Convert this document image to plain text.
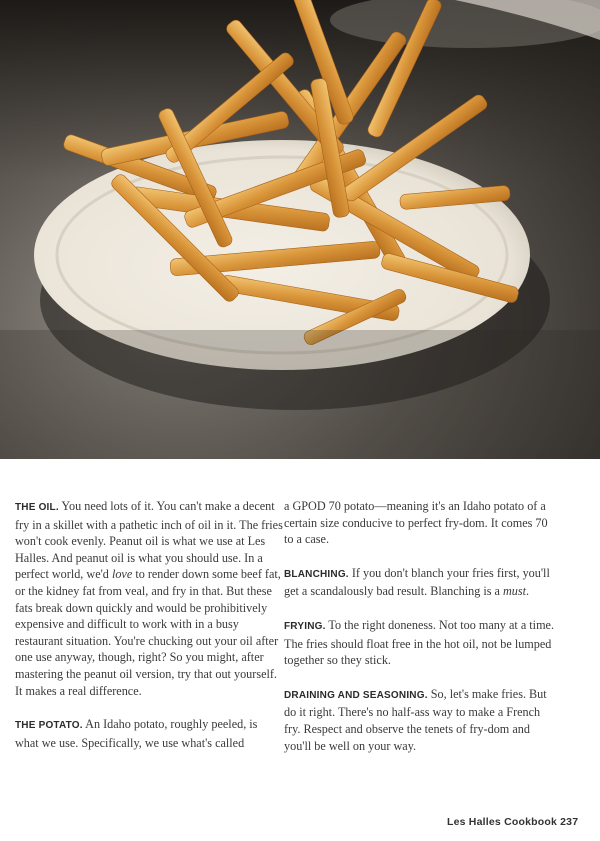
THE OIL. You need lots of it. You can't make a decent fry in a skillet with a pathetic inch of oil in it. The fries won't cook evenly. Peanut oil is what we use at Les Halles. And peanut oil is what you should use. In a perfect world, we'd love to render down some beef fat, or the kidney fat from veal, and fry in that. But these fats break down quickly and would be prohibitively expensive and difficult to work with in a busy restaurant situation. You're chucking out your oil after one use anyway, though, right? So you might, after mastering the peanut oil version, try that out yourself. It makes a real difference.

THE POTATO. An Idaho potato, roughly peeled, is what we use. Specifically, we use what's called

a GPOD 70 potato—meaning it's an Idaho potato of a certain size conducive to perfect fry-dom. It comes 70 to a case.

BLANCHING. If you don't blanch your fries first, you'll get a scandalously bad result. Blanching is a must.

FRYING. To the right doneness. Not too many at a time. The fries should float free in the hot oil, not be lumped together so they stick.

DRAINING AND SEASONING. So, let's make fries. But do it right. There's no half-ass way to make a French fry. Respect and observe the tenets of fry-dom and you'll be well on your way.

Les Halles Cookbook 237
